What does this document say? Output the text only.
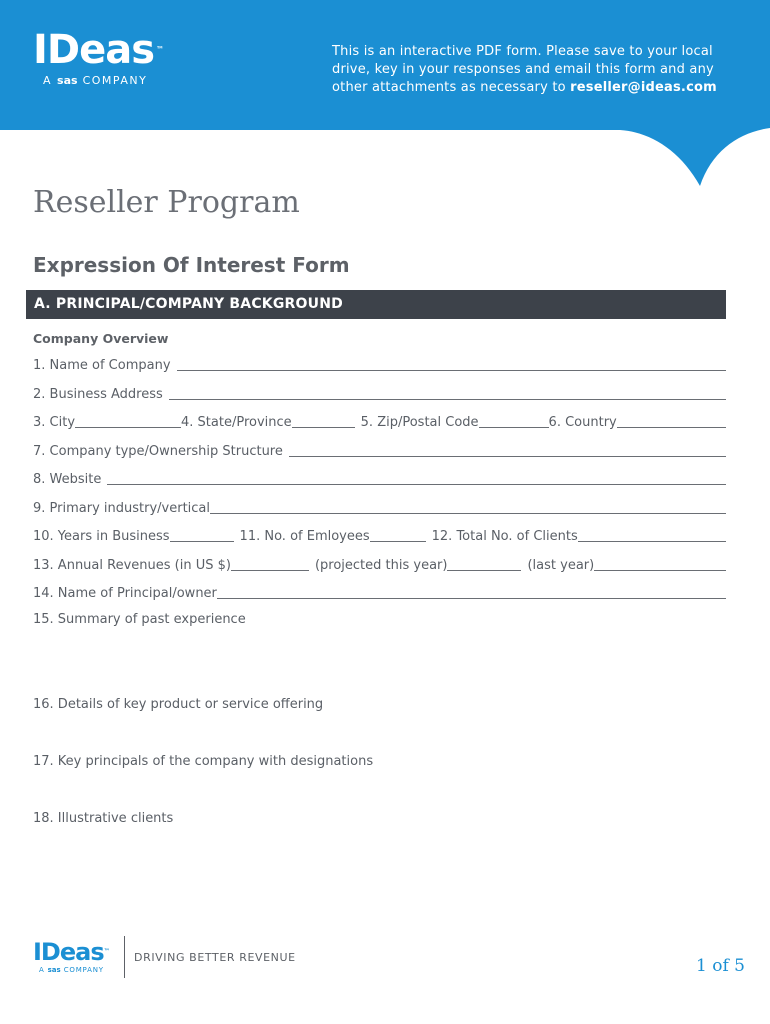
IDeas ™
A sas COMPANY
This is an interactive PDF form. Please save to your local drive, key in your responses and email this form and any other attachments as necessary to reseller@ideas.com
Reseller Program
Expression Of Interest Form
A. PRINCIPAL/COMPANY BACKGROUND
Company Overview
1. Name of Company
2. Business Address
3. City	4. State/Province	5. Zip/Postal Code	6. Country
7. Company type/Ownership Structure
8. Website
9. Primary industry/vertical
10. Years in Business	11. No. of Emloyees	12. Total No. of Clients
13. Annual Revenues (in US $)	(projected this year)	(last year)
14. Name of Principal/owner
15. Summary of past experience
16. Details of key product or service offering
17. Key principals of the company with designations
18. Illustrative clients
IDeas™
A sas COMPANY
DRIVING BETTER REVENUE	1 of 5
